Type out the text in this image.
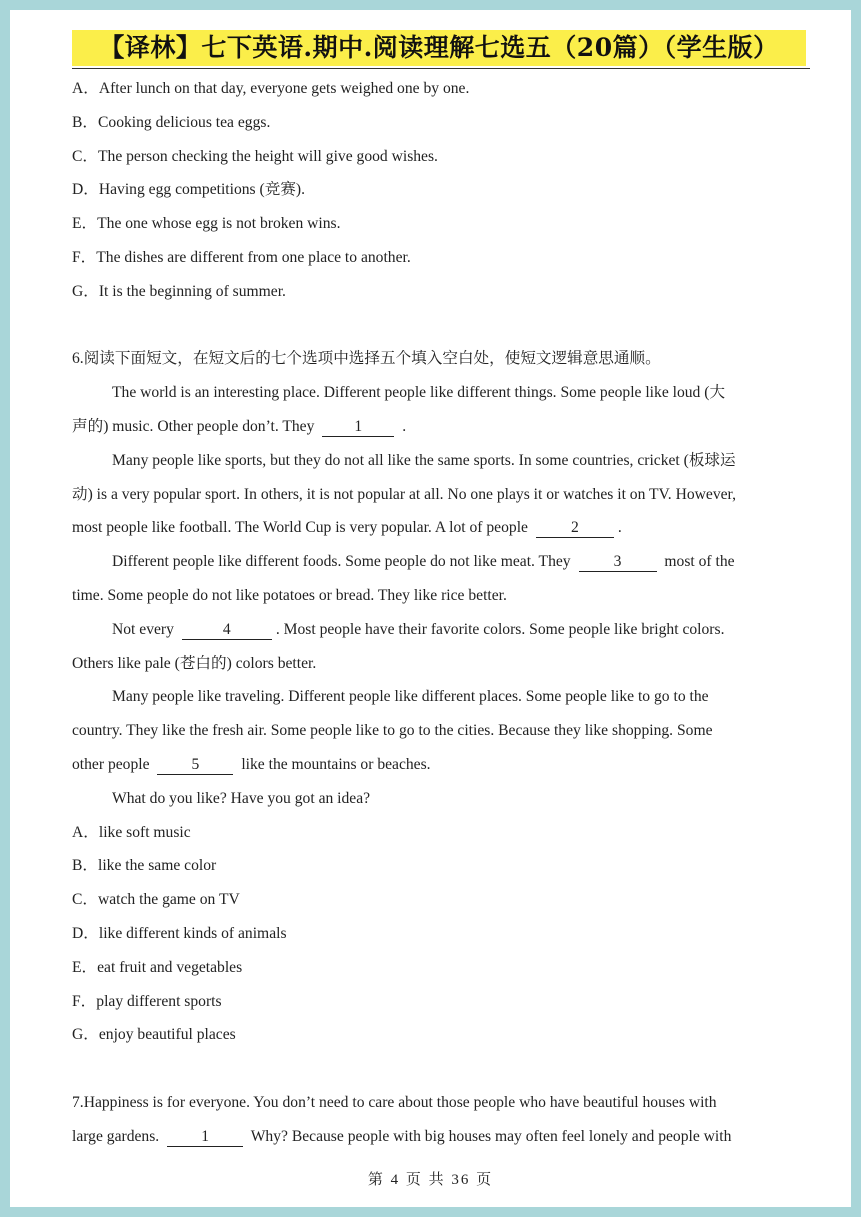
【译林】七下英语.期中.阅读理解七选五（20篇）（学生版）
A．After lunch on that day, everyone gets weighed one by one.
B．Cooking delicious tea eggs.
C．The person checking the height will give good wishes.
D．Having egg competitions (竞赛).
E．The one whose egg is not broken wins.
F．The dishes are different from one place to another.
G．It is the beginning of summer.
6.阅读下面短文，在短文后的七个选项中选择五个填入空白处，使短文逻辑意思通顺。
The world is an interesting place. Different people like different things. Some people like loud (大
声的) music. Other people don’t. They	1	.
Many people like sports, but they do not all like the same sports. In some countries, cricket (板球运
动) is a very popular sport. In others, it is not popular at all. No one plays it or watches it on TV. However,
most people like football. The World Cup is very popular. A lot of people	2	.
Different people like different foods. Some people do not like meat. They	3	most of the
time. Some people do not like potatoes or bread. They like rice better.
Not every	4	. Most people have their favorite colors. Some people like bright colors.
Others like pale (苍白的) colors better.
Many people like traveling. Different people like different places. Some people like to go to the
country. They like the fresh air. Some people like to go to the cities. Because they like shopping. Some
other people	5	like the mountains or beaches.
What do you like? Have you got an idea?
A．like soft music
B．like the same color
C．watch the game on TV
D．like different kinds of animals
E．eat fruit and vegetables
F．play different sports
G．enjoy beautiful places
7.Happiness is for everyone. You don’t need to care about those people who have beautiful houses with
large gardens.	1	Why? Because people with big houses may often feel lonely and people with
第 4 页 共 36 页
